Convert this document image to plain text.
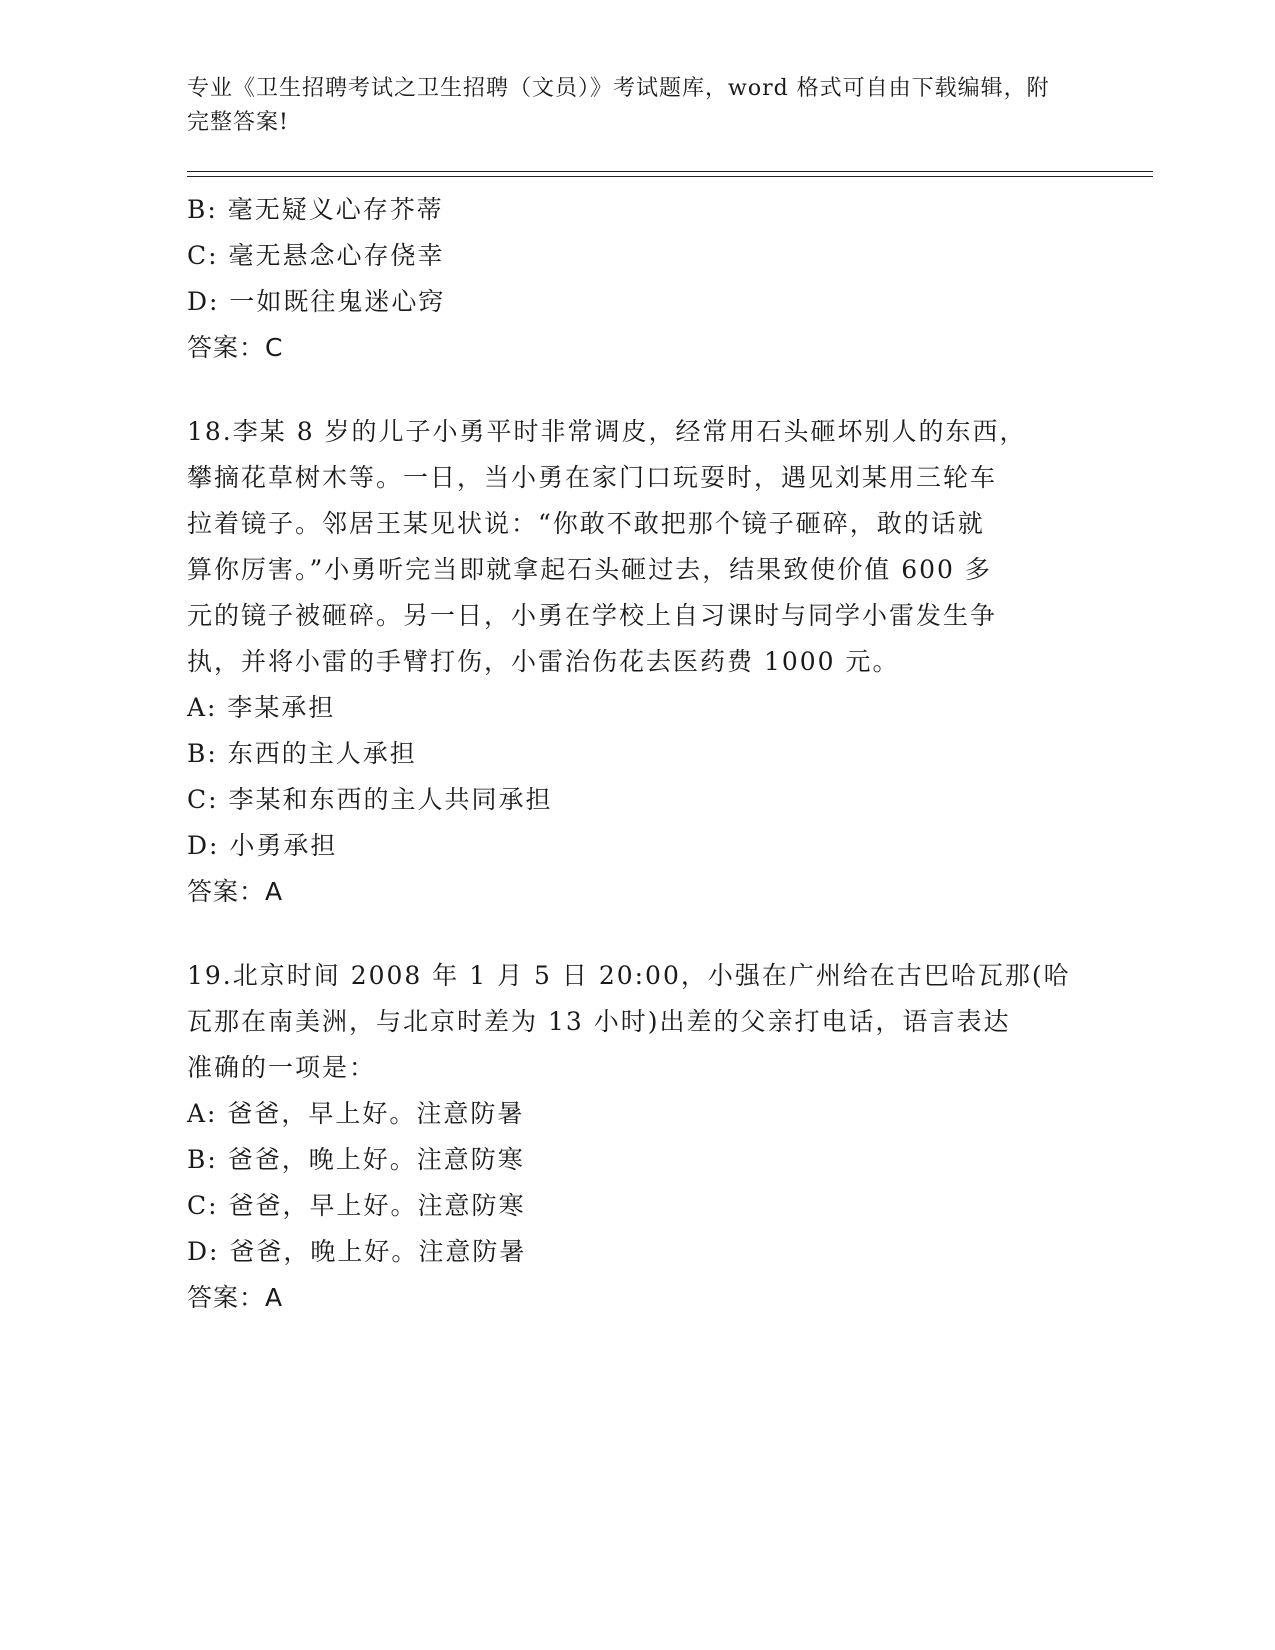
专业《卫生招聘考试之卫生招聘（文员）》考试题库，word 格式可自由下载编辑，附完整答案!
B: 毫无疑义心存芥蒂
C: 毫无悬念心存侥幸
D: 一如既往鬼迷心窍
答案：C
18.李某 8 岁的儿子小勇平时非常调皮，经常用石头砸坏别人的东西，
攀摘花草树木等。一日，当小勇在家门口玩耍时，遇见刘某用三轮车
拉着镜子。邻居王某见状说：“你敢不敢把那个镜子砸碎，敢的话就
算你厉害。”小勇听完当即就拿起石头砸过去，结果致使价值 600 多
元的镜子被砸碎。另一日，小勇在学校上自习课时与同学小雷发生争
执，并将小雷的手臂打伤，小雷治伤花去医药费 1000 元。
A: 李某承担
B: 东西的主人承担
C: 李某和东西的主人共同承担
D: 小勇承担
答案：A
19.北京时间 2008 年 1 月 5 日 20:00，小强在广州给在古巴哈瓦那(哈
瓦那在南美洲，与北京时差为 13 小时)出差的父亲打电话，语言表达
准确的一项是：
A: 爸爸，早上好。注意防暑
B: 爸爸，晚上好。注意防寒
C: 爸爸，早上好。注意防寒
D: 爸爸，晚上好。注意防暑
答案：A
